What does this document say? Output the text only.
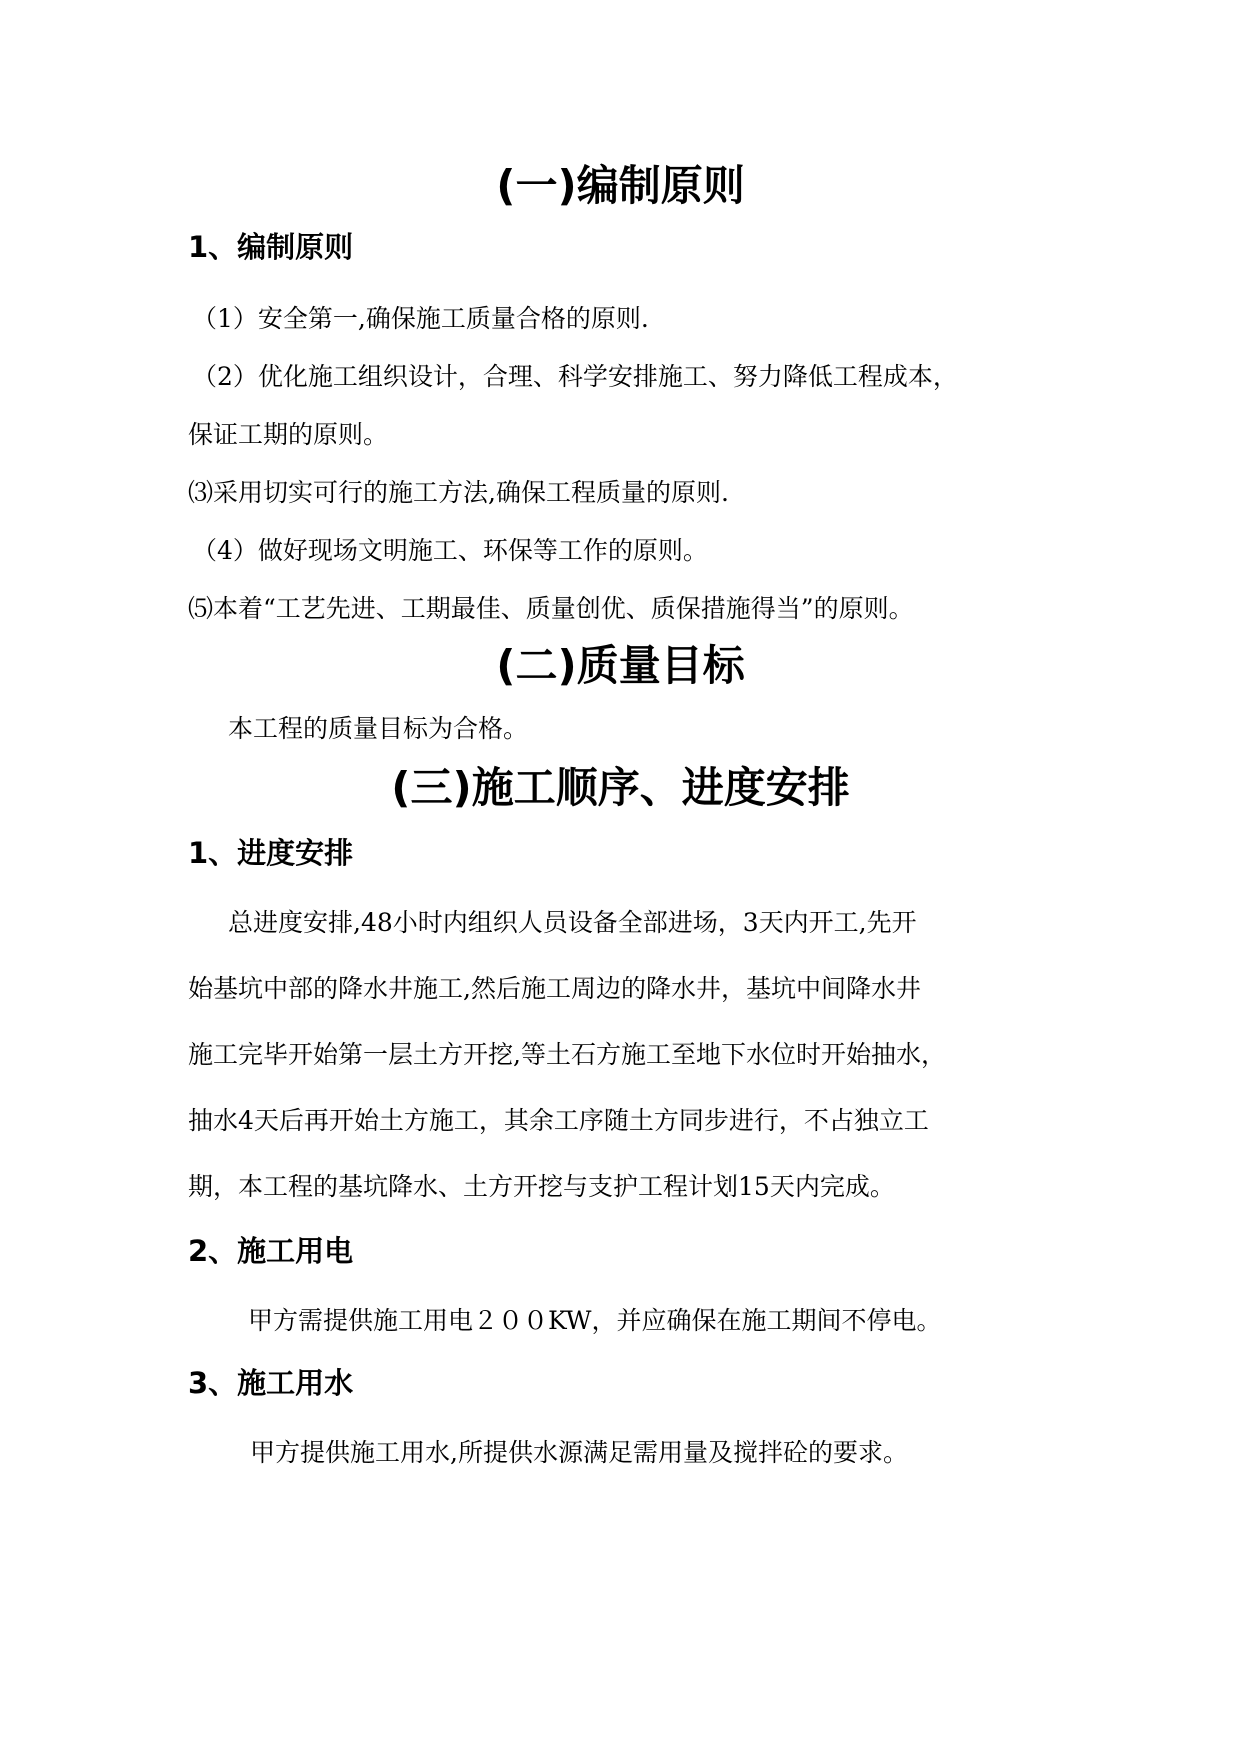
(一)编制原则
1、编制原则
（1）安全第一,确保施工质量合格的原则.
（2）优化施工组织设计，合理、科学安排施工、努力降低工程成本，
保证工期的原则。
⑶采用切实可行的施工方法,确保工程质量的原则.
（4）做好现场文明施工、环保等工作的原则。
⑸本着“工艺先进、工期最佳、质量创优、质保措施得当”的原则。
(二)质量目标
本工程的质量目标为合格。
(三)施工顺序、进度安排
1、进度安排
总进度安排,48小时内组织人员设备全部进场，3天内开工,先开
始基坑中部的降水井施工,然后施工周边的降水井，基坑中间降水井
施工完毕开始第一层土方开挖,等土石方施工至地下水位时开始抽水，
抽水4天后再开始土方施工，其余工序随土方同步进行，不占独立工
期，本工程的基坑降水、土方开挖与支护工程计划15天内完成。
2、施工用电
甲方需提供施工用电２００KW，并应确保在施工期间不停电。
3、施工用水
甲方提供施工用水,所提供水源满足需用量及搅拌砼的要求。
